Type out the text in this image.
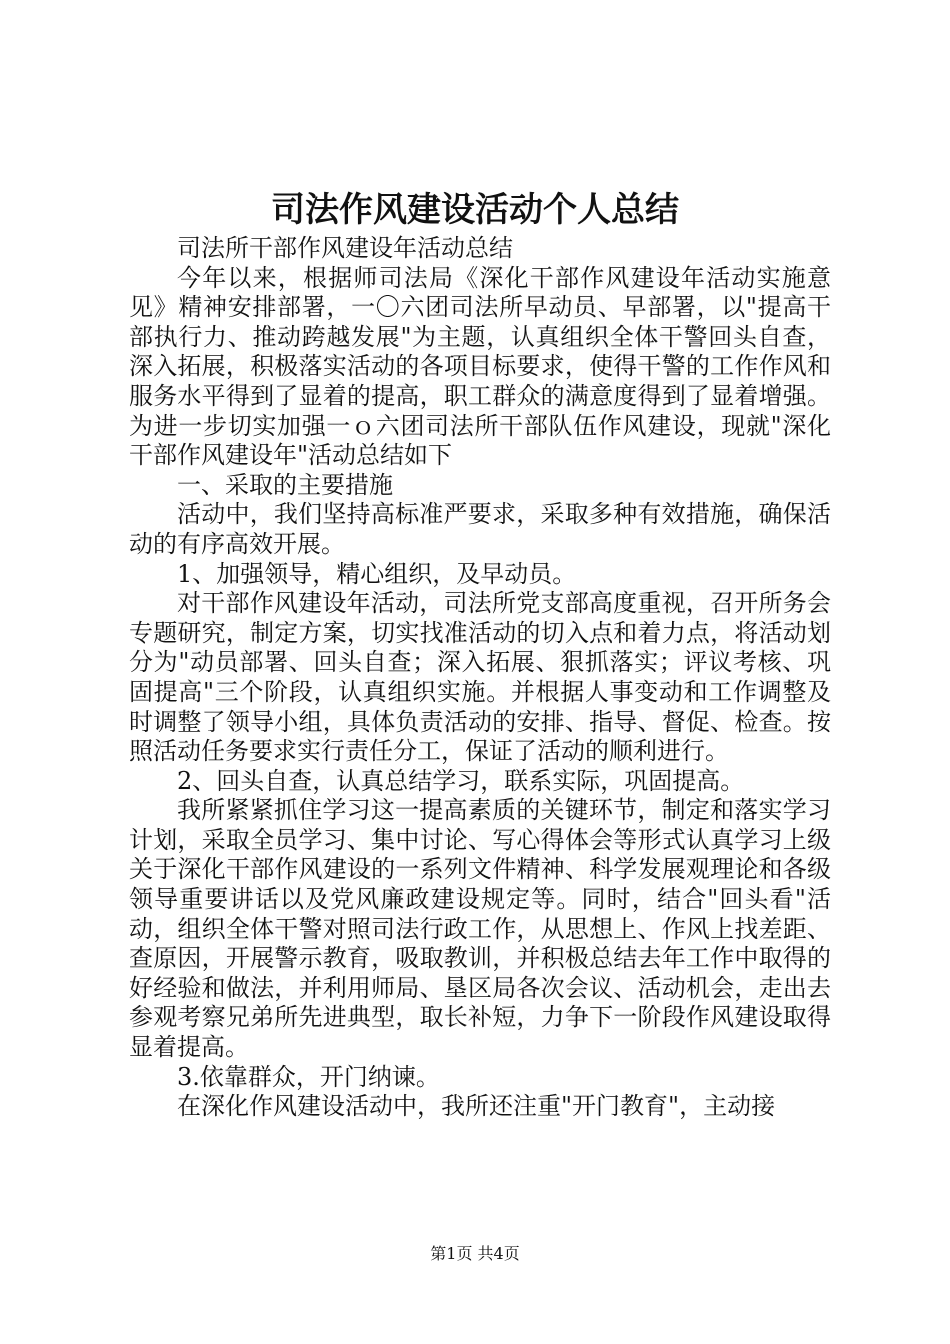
司法作风建设活动个人总结

司法所干部作风建设年活动总结

今年以来，根据师司法局《深化干部作风建设年活动实施意见》精神安排部署，一〇六团司法所早动员、早部署，以"提高干部执行力、推动跨越发展"为主题，认真组织全体干警回头自查，深入拓展，积极落实活动的各项目标要求，使得干警的工作作风和服务水平得到了显着的提高，职工群众的满意度得到了显着增强。为进一步切实加强一ｏ六团司法所干部队伍作风建设，现就"深化干部作风建设年"活动总结如下

一、采取的主要措施

活动中，我们坚持高标准严要求，采取多种有效措施，确保活动的有序高效开展。

1、加强领导，精心组织，及早动员。

对干部作风建设年活动，司法所党支部高度重视，召开所务会专题研究，制定方案，切实找准活动的切入点和着力点，将活动划分为"动员部署、回头自查；深入拓展、狠抓落实；评议考核、巩固提高"三个阶段，认真组织实施。并根据人事变动和工作调整及时调整了领导小组，具体负责活动的安排、指导、督促、检查。按照活动任务要求实行责任分工，保证了活动的顺利进行。

2、回头自查，认真总结学习，联系实际，巩固提高。

我所紧紧抓住学习这一提高素质的关键环节，制定和落实学习计划，采取全员学习、集中讨论、写心得体会等形式认真学习上级关于深化干部作风建设的一系列文件精神、科学发展观理论和各级领导重要讲话以及党风廉政建设规定等。同时，结合"回头看"活动，组织全体干警对照司法行政工作，从思想上、作风上找差距、查原因，开展警示教育，吸取教训，并积极总结去年工作中取得的好经验和做法，并利用师局、垦区局各次会议、活动机会，走出去参观考察兄弟所先进典型，取长补短，力争下一阶段作风建设取得显着提高。

3.依靠群众，开门纳谏。

在深化作风建设活动中，我所还注重"开门教育"，主动接

第1页 共4页
